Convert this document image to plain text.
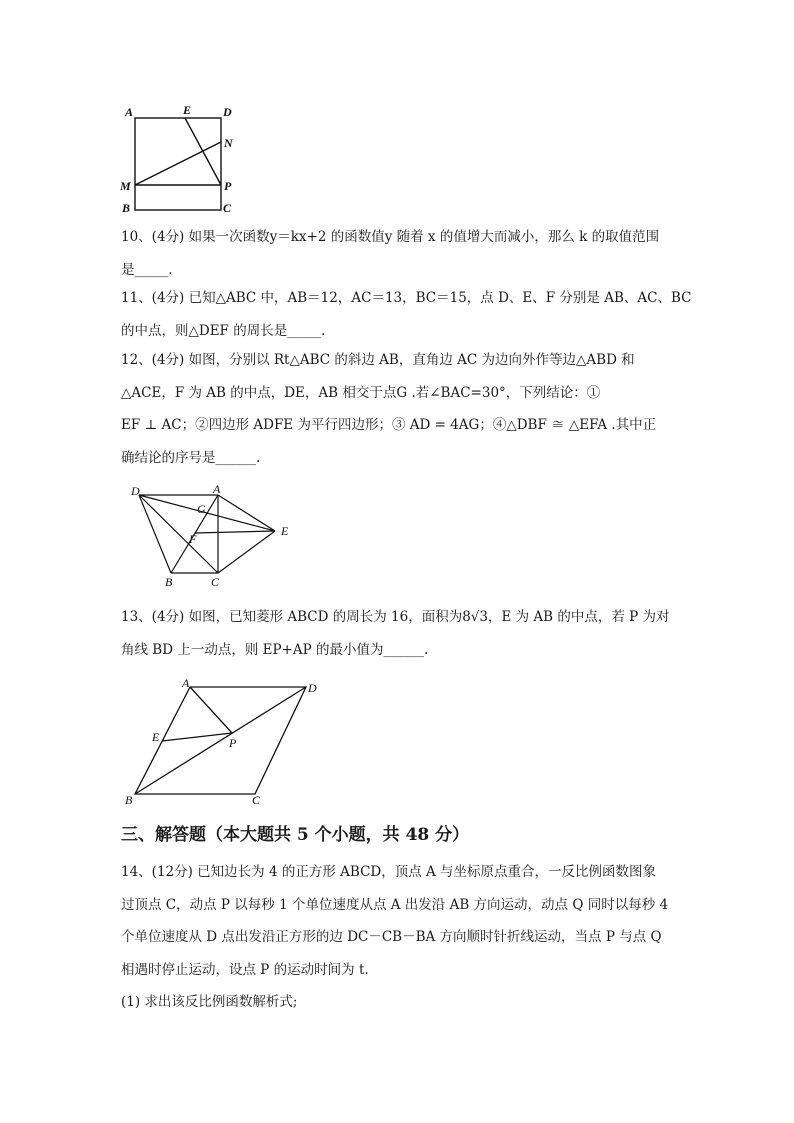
A	E	D
N
M	P
B	C
10、(4分) 如果一次函数y＝kx+2 的函数值y 随着 x 的值增大而减小，那么 k 的取值范围
是_____.
11、(4分) 已知△ABC 中，AB＝12，AC＝13，BC＝15，点 D、E、F 分别是 AB、AC、BC
的中点，则△DEF 的周长是_____.
12、(4分) 如图，分别以 Rt△ABC 的斜边 AB，直角边 AC 为边向外作等边△ABD 和
△ACE，F 为 AB 的中点，DE，AB 相交于点G .若∠BAC=30°，下列结论：①
EF ⊥ AC；②四边形 ADFE 为平行四边形；③ AD = 4AG；④△DBF ≅ △EFA .其中正
确结论的序号是______.
D	A
G
E
F
B	C
13、(4分) 如图，已知菱形 ABCD 的周长为 16，面积为8√3，E 为 AB 的中点，若 P 为对
角线 BD 上一动点，则 EP+AP 的最小值为______.
A	D
E	P
B	C
三、解答题（本大题共 5 个小题，共 48 分）
14、(12分) 已知边长为 4 的正方形 ABCD，顶点 A 与坐标原点重合，一反比例函数图象
过顶点 C，动点 P 以每秒 1 个单位速度从点 A 出发沿 AB 方向运动，动点 Q 同时以每秒 4
个单位速度从 D 点出发沿正方形的边 DC－CB－BA 方向顺时针折线运动，当点 P 与点 Q
相遇时停止运动，设点 P 的运动时间为 t.
(1) 求出该反比例函数解析式;
